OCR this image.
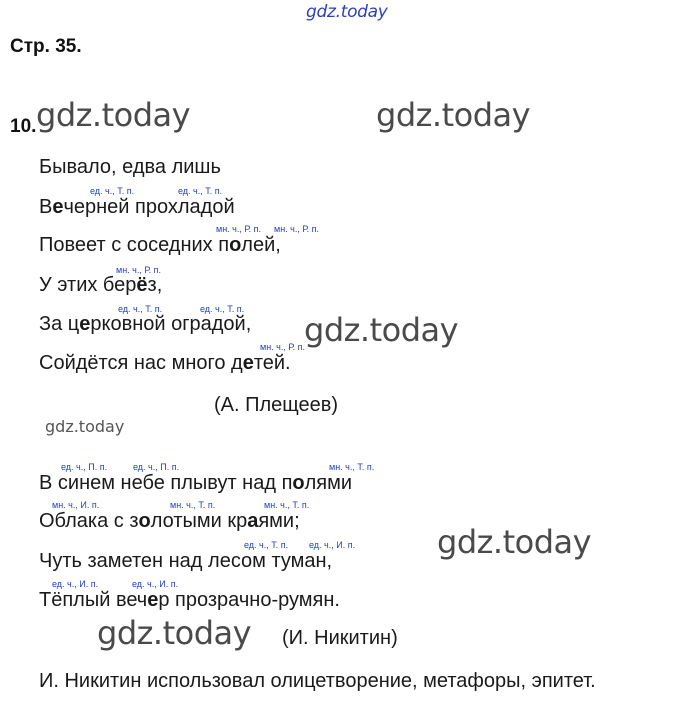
gdz.today
gdz.today	gdz.today
gdz.today
gdz.today
gdz.today
gdz.today
Стр. 35.
10.
Бывало, едва лишь
ед. ч., Т. п.	ед. ч., Т. п.
Вечерней прохладой
мн. ч., Р. п. мн. ч., Р. п.
Повеет с соседних полей,
мн. ч., Р. п.
У этих берёз,
ед. ч., Т. п.	ед. ч., Т. п.
За церковной оградой,
мн. ч., Р. п.
Сойдётся нас много детей.
(А. Плещеев)
ед. ч., П. п.	ед. ч., П. п.	мн. ч., Т. п.
В синем небе плывут над полями
мн. ч., И. п.	мн. ч., Т. п.	мн. ч., Т. п.
Облака с золотыми краями;
ед. ч., Т. п. ед. ч., И. п.
Чуть заметен над лесом туман,
ед. ч., И. п.	ед. ч., И. п.
Тёплый вечер прозрачно-румян.
(И. Никитин)
И. Никитин использовал олицетворение, метафоры, эпитет.
